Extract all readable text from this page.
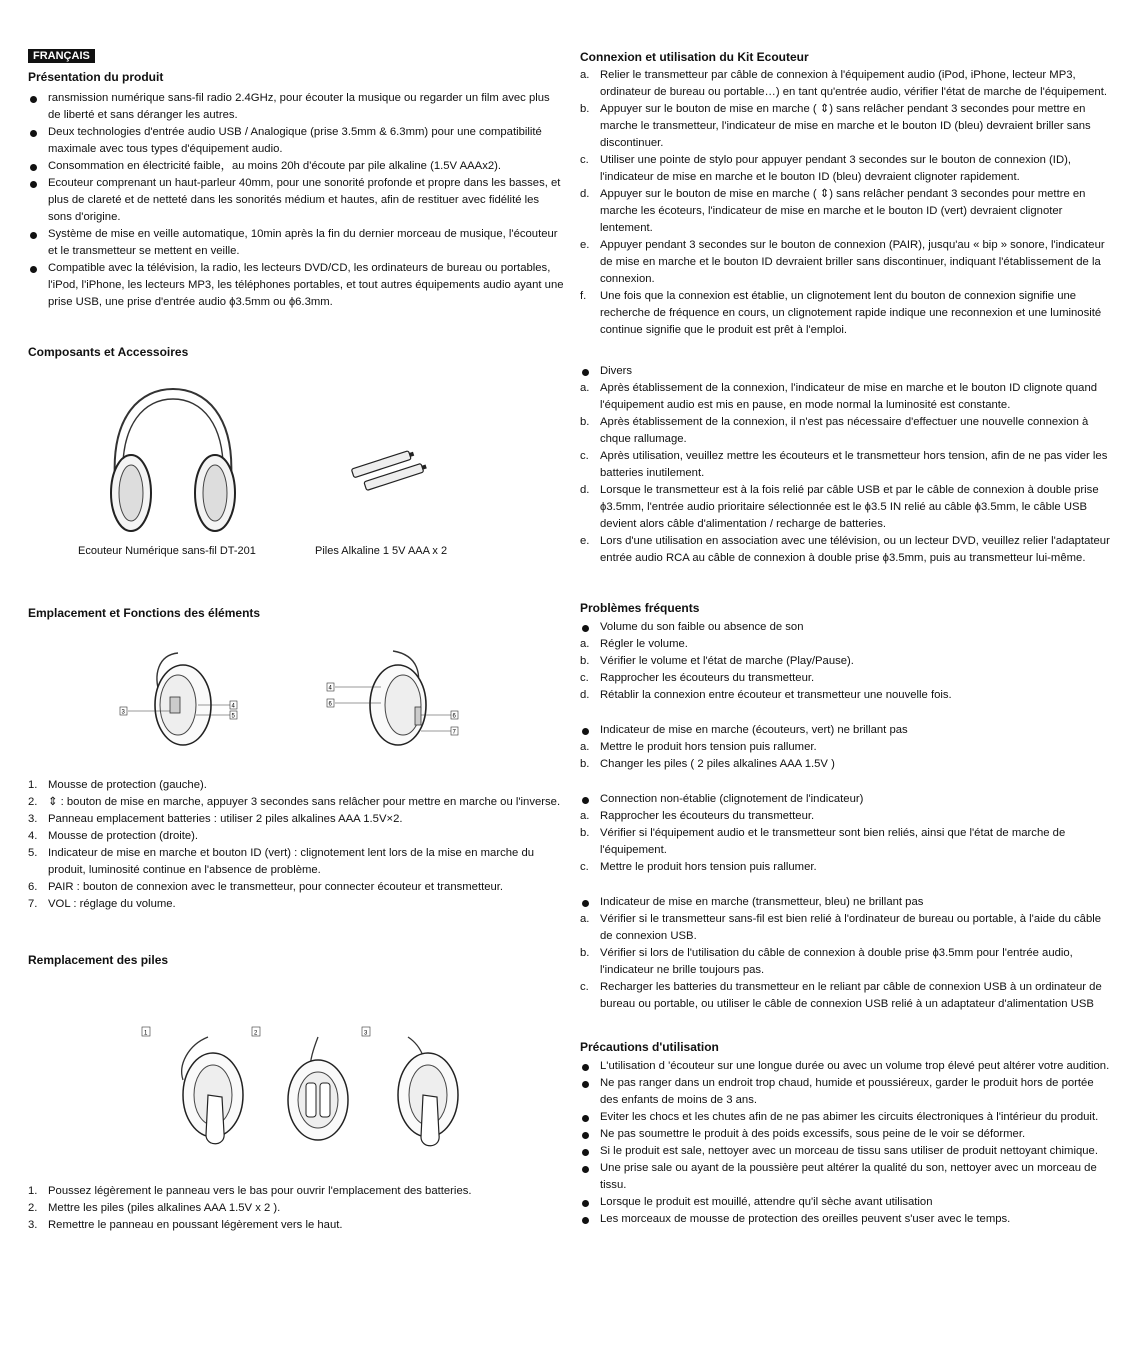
FRANÇAIS
Présentation du produit
ransmission numérique sans-fil radio 2.4GHz, pour écouter la musique ou regarder un film avec plus de liberté et sans déranger les autres.
Deux technologies d'entrée audio USB / Analogique (prise 3.5mm & 6.3mm) pour une compatibilité maximale avec tous types d'équipement audio.
Consommation en électricité faible，au moins 20h d'écoute par pile alkaline (1.5V AAAx2).
Ecouteur comprenant un haut-parleur 40mm, pour une sonorité profonde et propre dans les basses, et plus de clareté et de netteté dans les sonorités médium et hautes, afin de restituer avec fidélité les sons d'origine.
Système de mise en veille automatique, 10min après la fin du dernier morceau de musique, l'écouteur et le transmetteur se mettent en veille.
Compatible avec la télévision, la radio, les lecteurs DVD/CD, les ordinateurs de bureau ou portables, l'iPod, l'iPhone, les lecteurs MP3, les téléphones portables, et tout autres équipements audio ayant une prise USB, une prise d'entrée audio ϕ3.5mm ou ϕ6.3mm.
Composants et Accessoires
Ecouteur Numérique sans-fil DT-201	Piles Alkaline 1 5V AAA x 2
Emplacement et Fonctions des éléments
3
4
5
4
6
6
7
1. Mousse de protection (gauche).
2. ⇕ : bouton de mise en marche, appuyer 3 secondes sans relâcher pour mettre en marche ou l'inverse.
3. Panneau emplacement batteries : utiliser 2 piles alkalines AAA 1.5V×2.
4. Mousse de protection (droite).
5. Indicateur de mise en marche et bouton ID (vert) : clignotement lent lors de la mise en marche du produit, luminosité continue en l'absence de problème.
6. PAIR : bouton de connexion avec le transmetteur, pour connecter écouteur et transmetteur.
7. VOL : réglage du volume.
Remplacement des piles
1	2	3
1. Poussez légèrement le panneau vers le bas pour ouvrir l'emplacement des batteries.
2. Mettre les piles (piles alkalines AAA 1.5V x 2 ).
3. Remettre le panneau en poussant légèrement vers le haut.
Connexion et utilisation du Kit Ecouteur
a. Relier le transmetteur par câble de connexion à l'équipement audio (iPod, iPhone, lecteur MP3, ordinateur de bureau ou portable…) en tant qu'entrée audio, vérifier l'état de marche de l'équipement.
b. Appuyer sur le bouton de mise en marche ( ⇕) sans relâcher pendant 3 secondes pour mettre en marche le transmetteur, l'indicateur de mise en marche et le bouton ID (bleu) devraient briller sans discontinuer.
c. Utiliser une pointe de stylo pour appuyer pendant 3 secondes sur le bouton de connexion (ID), l'indicateur de mise en marche et le bouton ID (bleu) devraient clignoter rapidement.
d. Appuyer sur le bouton de mise en marche ( ⇕) sans relâcher pendant 3 secondes pour mettre en marche les écoteurs, l'indicateur de mise en marche et le bouton ID (vert) devraient clignoter lentement.
e. Appuyer pendant 3 secondes sur le bouton de connexion (PAIR), jusqu'au « bip » sonore, l'indicateur de mise en marche et le bouton ID devraient briller sans discontinuer, indiquant l'établissement de la connexion.
f. Une fois que la connexion est établie, un clignotement lent du bouton de connexion signifie une recherche de fréquence en cours, un clignotement rapide indique une reconnexion et une luminosité continue signifie que le produit est prêt à l'emploi.
Divers
a. Après établissement de la connexion, l'indicateur de mise en marche et le bouton ID clignote quand l'équipement audio est mis en pause, en mode normal la luminosité est constante.
b. Après établissement de la connexion, il n'est pas nécessaire d'effectuer une nouvelle connexion à chque rallumage.
c. Après utilisation, veuillez mettre les écouteurs et le transmetteur hors tension, afin de ne pas vider les batteries inutilement.
d. Lorsque le transmetteur est à la fois relié par câble USB et par le câble de connexion à double prise ϕ3.5mm, l'entrée audio prioritaire sélectionnée est le ϕ3.5 IN relié au câble ϕ3.5mm, le câble USB devient alors câble d'alimentation / recharge de batteries.
e. Lors d'une utilisation en association avec une télévision, ou un lecteur DVD, veuillez relier l'adaptateur entrée audio RCA au câble de connexion à double prise ϕ3.5mm, puis au transmetteur lui-même.
Problèmes fréquents
Volume du son faible ou absence de son
a. Régler le volume.
b. Vérifier le volume et l'état de marche (Play/Pause).
c. Rapprocher les écouteurs du transmetteur.
d. Rétablir la connexion entre écouteur et transmetteur une nouvelle fois.
Indicateur de mise en marche (écouteurs, vert) ne brillant pas
a. Mettre le produit hors tension puis rallumer.
b. Changer les piles ( 2 piles alkalines AAA 1.5V )
Connection non-établie (clignotement de l'indicateur)
a. Rapprocher les écouteurs du transmetteur.
b. Vérifier si l'équipement audio et le transmetteur sont bien reliés, ainsi que l'état de marche de l'équipement.
c. Mettre le produit hors tension puis rallumer.
Indicateur de mise en marche (transmetteur, bleu) ne brillant pas
a. Vérifier si le transmetteur sans-fil est bien relié à l'ordinateur de bureau ou portable, à l'aide du câble de connexion USB.
b. Vérifier si lors de l'utilisation du câble de connexion à double prise ϕ3.5mm pour l'entrée audio, l'indicateur ne brille toujours pas.
c. Recharger les batteries du transmetteur en le reliant par câble de connexion USB à un ordinateur de bureau ou portable, ou utiliser le câble de connexion USB relié à un adaptateur d'alimentation USB
Précautions d'utilisation
L'utilisation d 'écouteur sur une longue durée ou avec un volume trop élevé peut altérer votre audition.
Ne pas ranger dans un endroit trop chaud, humide et poussiéreux, garder le produit hors de portée des enfants de moins de 3 ans.
Eviter les chocs et les chutes afin de ne pas abimer les circuits électroniques à l'intérieur du produit.
Ne pas soumettre le produit à des poids excessifs, sous peine de le voir se déformer.
Si le produit est sale, nettoyer avec un morceau de tissu sans utiliser de produit nettoyant chimique.
Une prise sale ou ayant de la poussière peut altérer la qualité du son, nettoyer avec un morceau de tissu.
Lorsque le produit est mouillé, attendre qu'il sèche avant utilisation
Les morceaux de mousse de protection des oreilles peuvent s'user avec le temps.
